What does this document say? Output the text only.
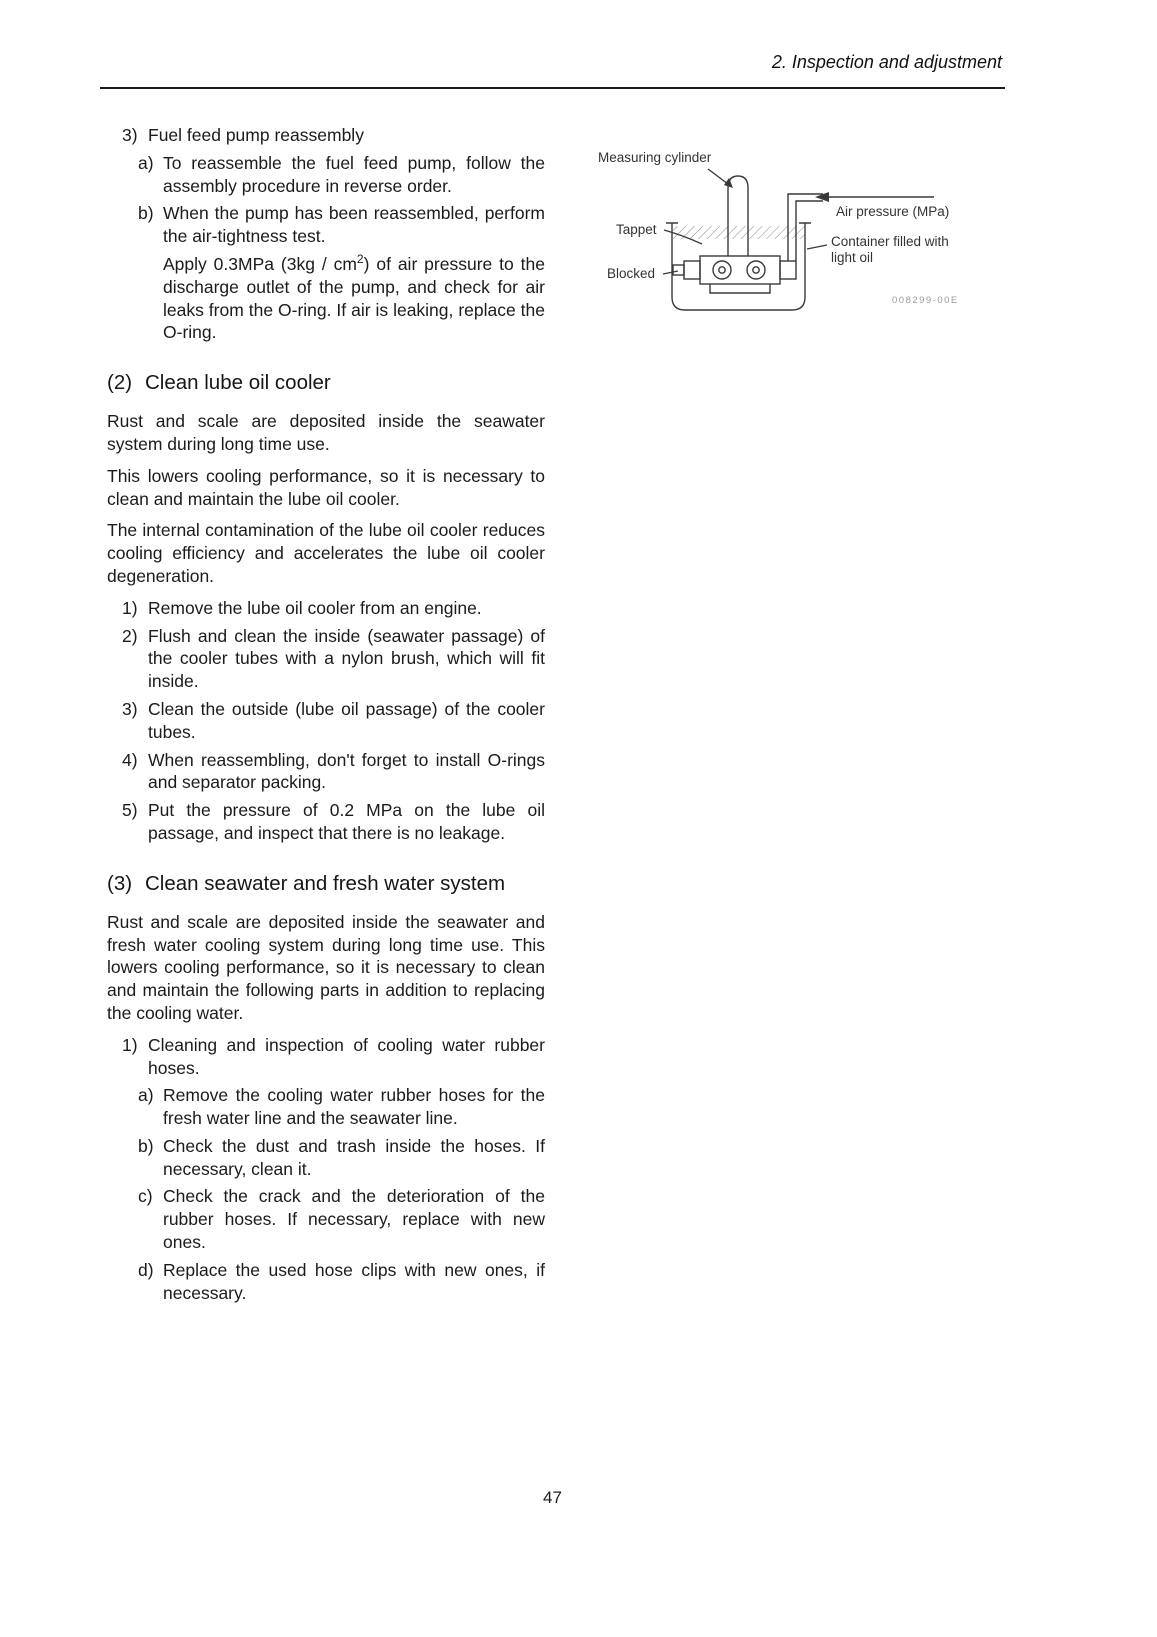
2. Inspection and adjustment
3) Fuel feed pump reassembly
a) To reassemble the fuel feed pump, follow the assembly procedure in reverse order.
b) When the pump has been reassembled, perform the air-tightness test.

Apply 0.3MPa $(3kg / cm^2)$ of air pressure to the discharge outlet of the pump, and check for air leaks from the O-ring. If air is leaking, replace the O-ring.

(2) Clean lube oil cooler

Rust and scale are deposited inside the seawater system during long time use.

This lowers cooling performance, so it is necessary to clean and maintain the lube oil cooler.

The internal contamination of the lube oil cooler reduces cooling efficiency and accelerates the lube oil cooler degeneration.

1) Remove the lube oil cooler from an engine.
2) Flush and clean the inside (seawater passage) of the cooler tubes with a nylon brush, which will fit inside.
3) Clean the outside (lube oil passage) of the cooler tubes.
4) When reassembling, don't forget to install O-rings and separator packing.
5) Put the pressure of 0.2 MPa on the lube oil passage, and inspect that there is no leakage.
(3) Clean seawater and fresh water system

Rust and scale are deposited inside the seawater and fresh water cooling system during long time use. This lowers cooling performance, so it is necessary to clean and maintain the following parts in addition to replacing the cooling water.

1) Cleaning and inspection of cooling water rubber hoses.
a) Remove the cooling water rubber hoses for the fresh water line and the seawater line.
b) Check the dust and trash inside the hoses. If necessary, clean it.
c) Check the crack and the deterioration of the rubber hoses. If necessary, replace with new ones.
d) Replace the used hose clips with new ones, if necessary.
Measuring cylinder
Air pressure (MPa)
Tappet
Container filled with light oil
Blocked
008299-00E
47
